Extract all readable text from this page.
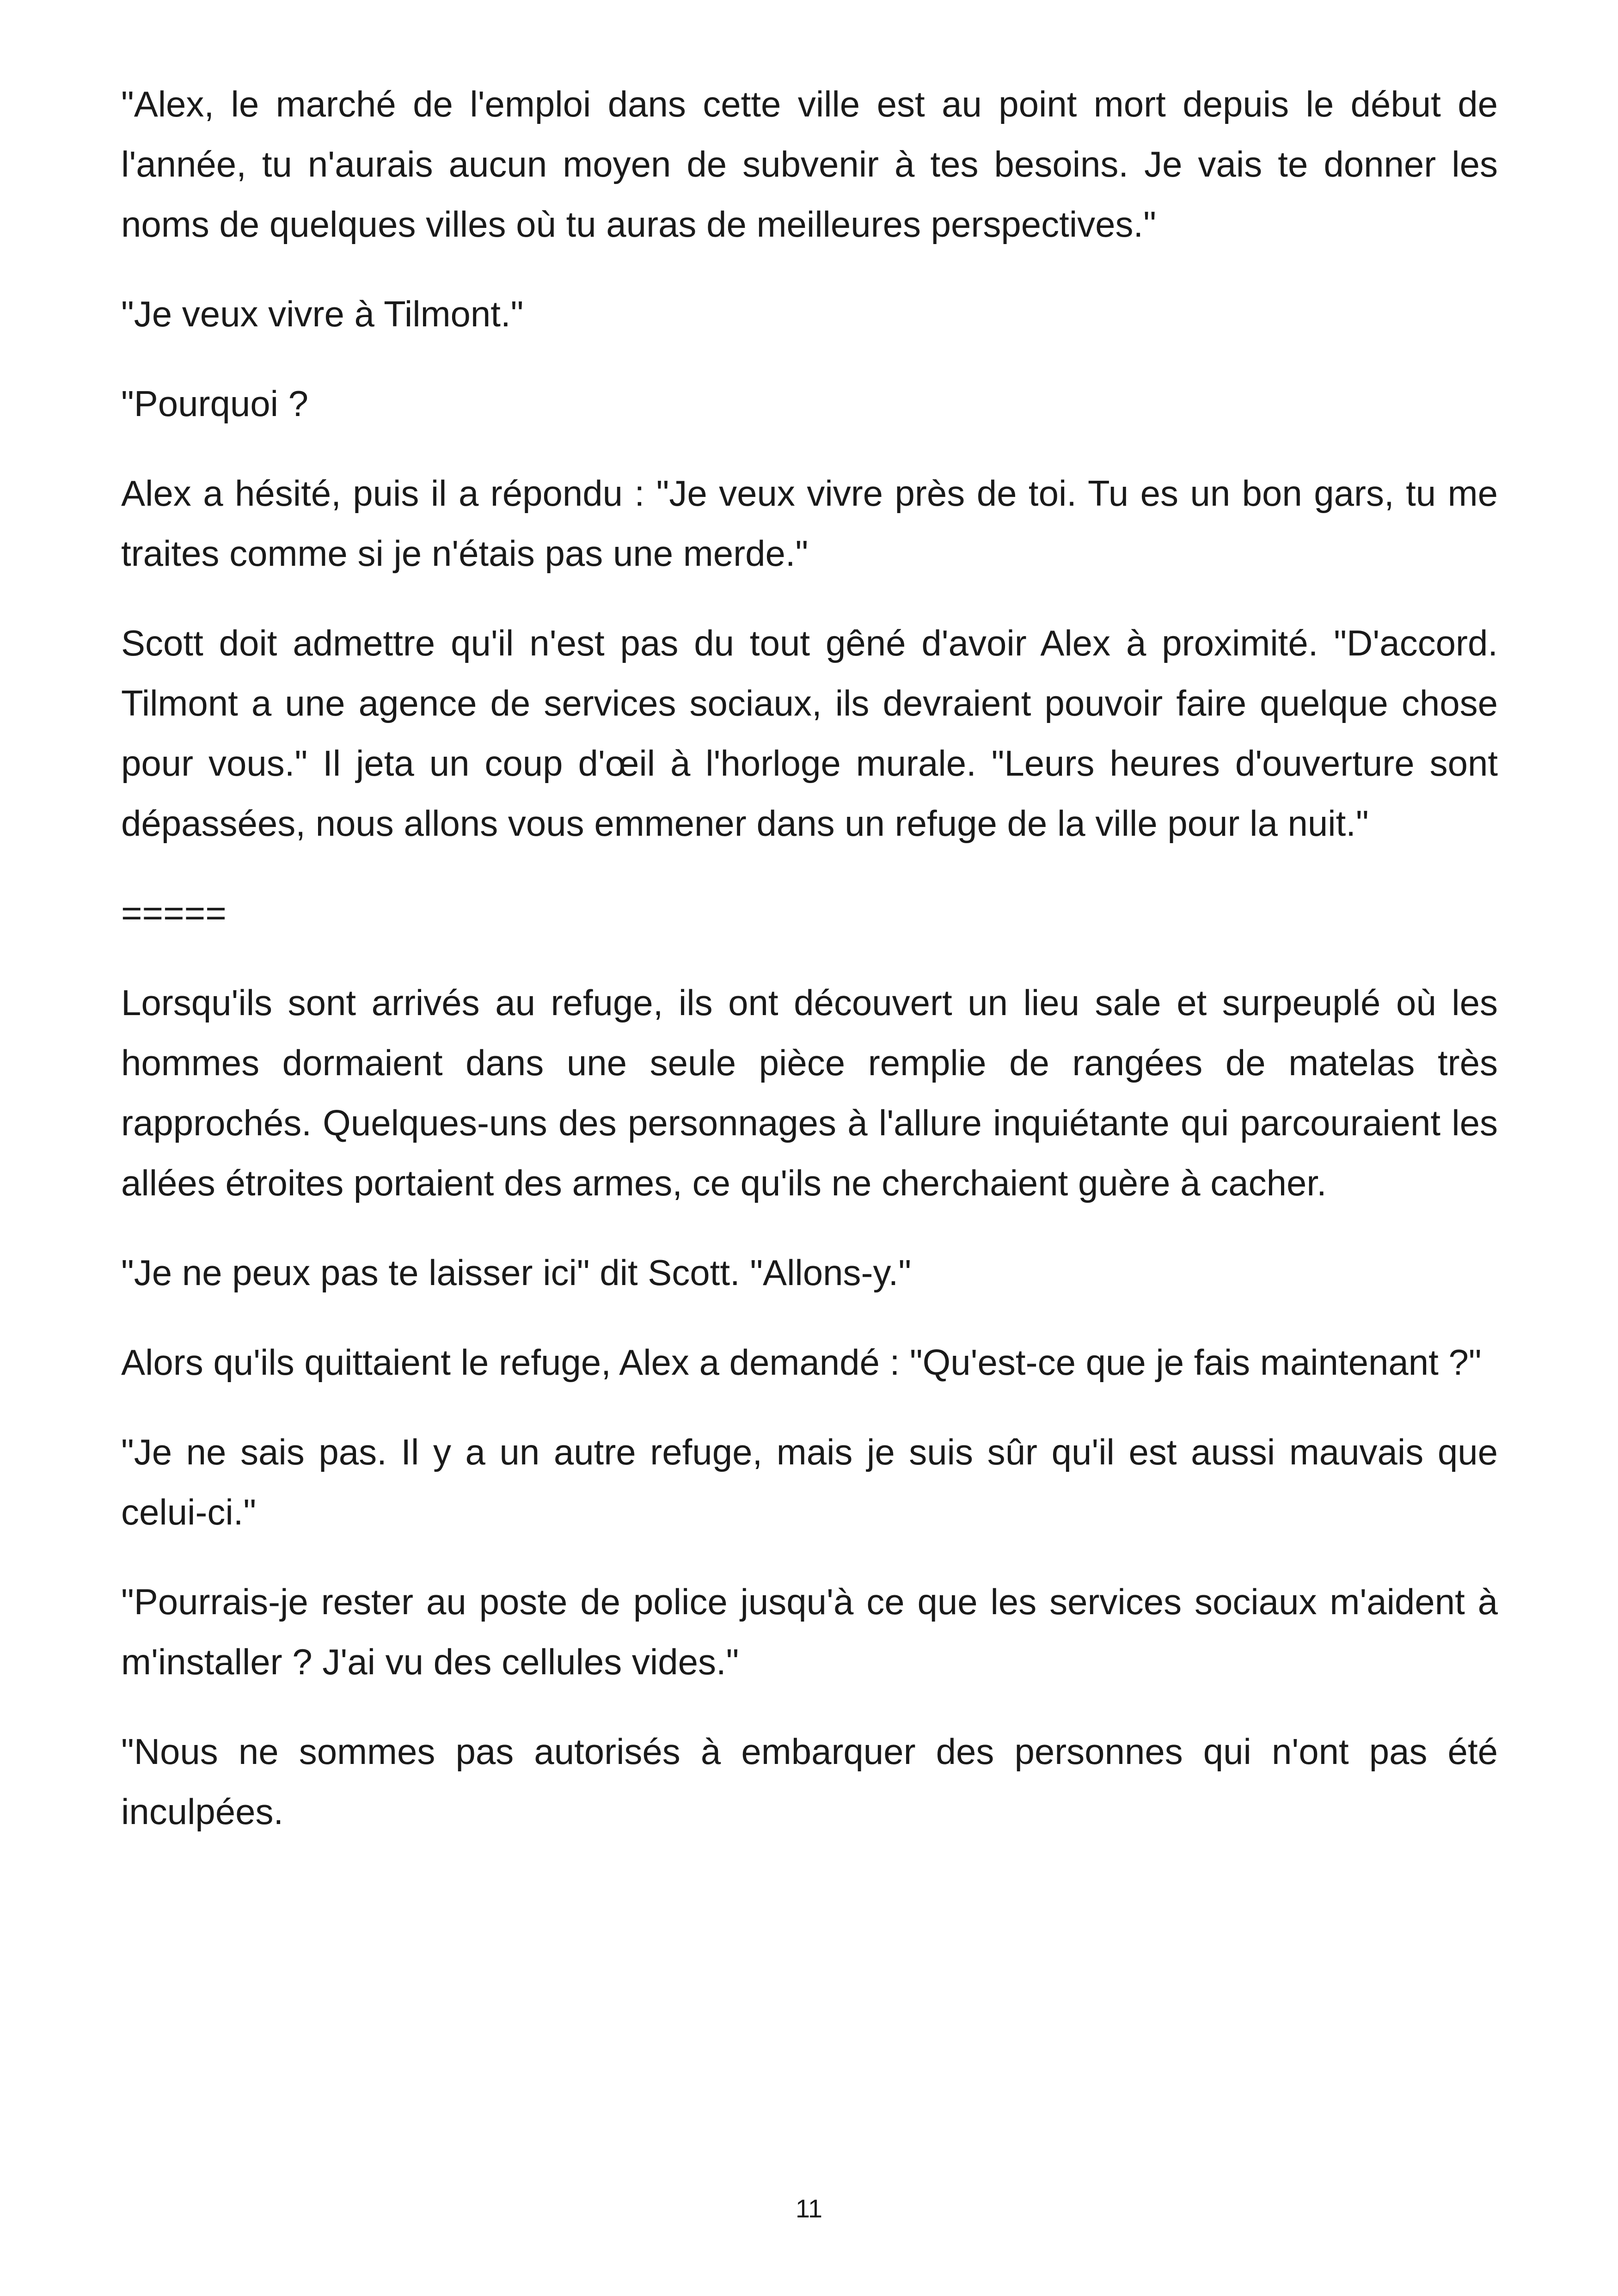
"Alex, le marché de l'emploi dans cette ville est au point mort depuis le début de l'année, tu n'aurais aucun moyen de subvenir à tes besoins. Je vais te donner les noms de quelques villes où tu auras de meilleures perspectives."

"Je veux vivre à Tilmont."

"Pourquoi ?

Alex a hésité, puis il a répondu : "Je veux vivre près de toi. Tu es un bon gars, tu me traites comme si je n'étais pas une merde."

Scott doit admettre qu'il n'est pas du tout gêné d'avoir Alex à proximité. "D'accord. Tilmont a une agence de services sociaux, ils devraient pouvoir faire quelque chose pour vous." Il jeta un coup d'œil à l'horloge murale. "Leurs heures d'ouverture sont dépassées, nous allons vous emmener dans un refuge de la ville pour la nuit."

=====

Lorsqu'ils sont arrivés au refuge, ils ont découvert un lieu sale et surpeuplé où les hommes dormaient dans une seule pièce remplie de rangées de matelas très rapprochés. Quelques-uns des personnages à l'allure inquiétante qui parcouraient les allées étroites portaient des armes, ce qu'ils ne cherchaient guère à cacher.

"Je ne peux pas te laisser ici" dit Scott. "Allons-y."

Alors qu'ils quittaient le refuge, Alex a demandé : "Qu'est-ce que je fais maintenant ?"

"Je ne sais pas. Il y a un autre refuge, mais je suis sûr qu'il est aussi mauvais que celui-ci."

"Pourrais-je rester au poste de police jusqu'à ce que les services sociaux m'aident à m'installer ? J'ai vu des cellules vides."

"Nous ne sommes pas autorisés à embarquer des personnes qui n'ont pas été inculpées.

11
